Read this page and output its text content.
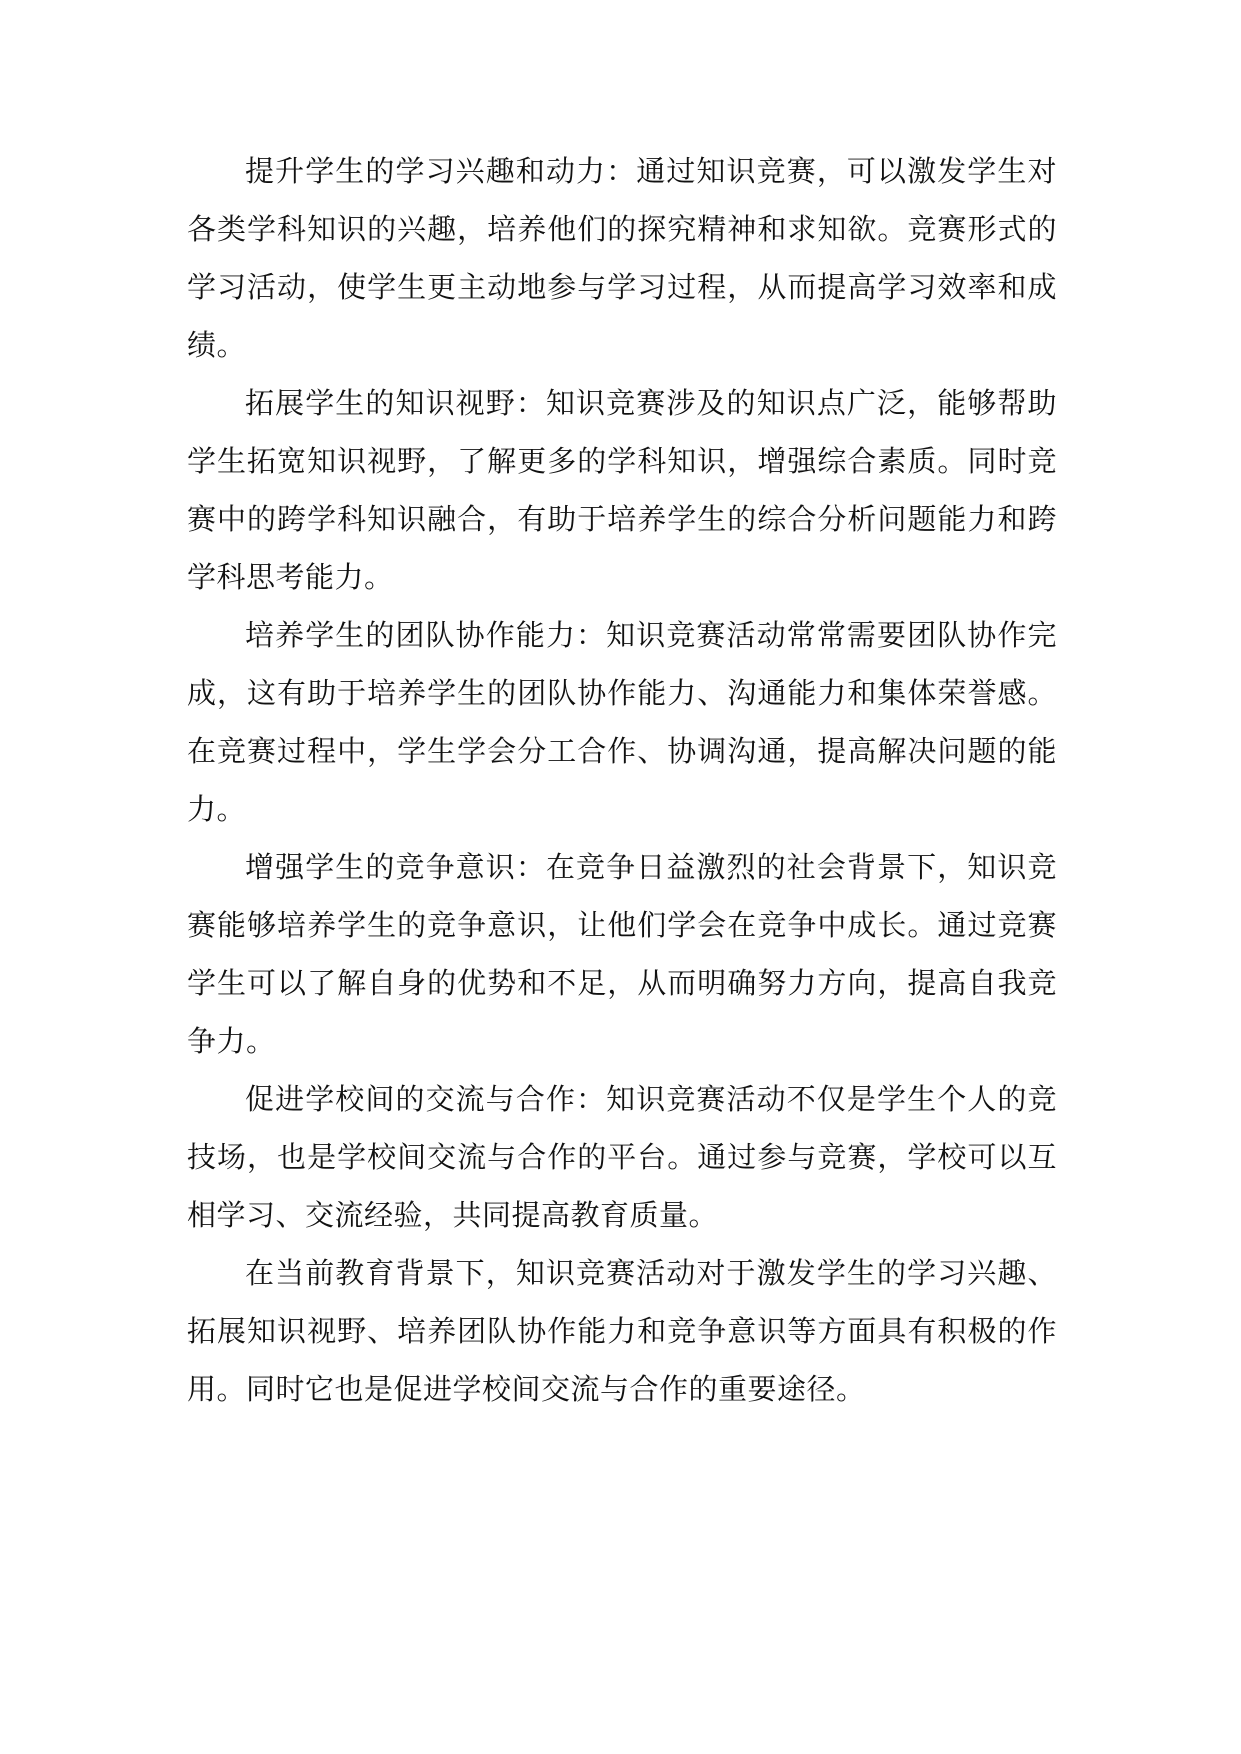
提升学生的学习兴趣和动力：通过知识竞赛，可以激发学生对各类学科知识的兴趣，培养他们的探究精神和求知欲。竞赛形式的学习活动，使学生更主动地参与学习过程，从而提高学习效率和成绩。

拓展学生的知识视野：知识竞赛涉及的知识点广泛，能够帮助学生拓宽知识视野，了解更多的学科知识，增强综合素质。同时竞赛中的跨学科知识融合，有助于培养学生的综合分析问题能力和跨学科思考能力。

培养学生的团队协作能力：知识竞赛活动常常需要团队协作完成，这有助于培养学生的团队协作能力、沟通能力和集体荣誉感。在竞赛过程中，学生学会分工合作、协调沟通，提高解决问题的能力。

增强学生的竞争意识：在竞争日益激烈的社会背景下，知识竞赛能够培养学生的竞争意识，让他们学会在竞争中成长。通过竞赛学生可以了解自身的优势和不足，从而明确努力方向，提高自我竞争力。

促进学校间的交流与合作：知识竞赛活动不仅是学生个人的竞技场，也是学校间交流与合作的平台。通过参与竞赛，学校可以互相学习、交流经验，共同提高教育质量。

在当前教育背景下，知识竞赛活动对于激发学生的学习兴趣、拓展知识视野、培养团队协作能力和竞争意识等方面具有积极的作用。同时它也是促进学校间交流与合作的重要途径。
